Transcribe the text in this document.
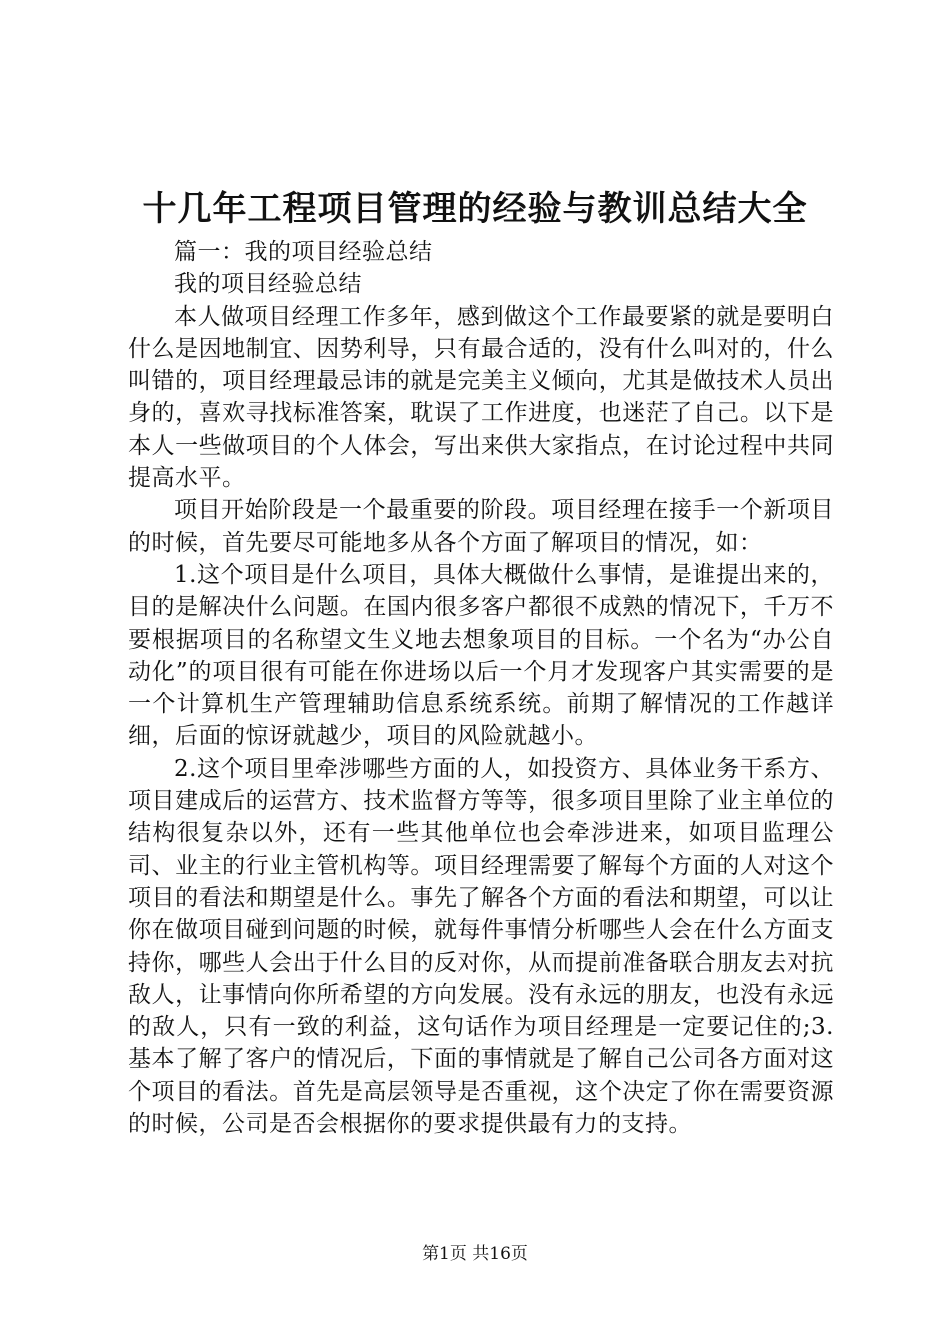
十几年工程项目管理的经验与教训总结大全

篇一：我的项目经验总结

我的项目经验总结

本人做项目经理工作多年，感到做这个工作最要紧的就是要明白什么是因地制宜、因势利导，只有最合适的，没有什么叫对的，什么叫错的，项目经理最忌讳的就是完美主义倾向，尤其是做技术人员出身的，喜欢寻找标准答案，耽误了工作进度，也迷茫了自己。以下是本人一些做项目的个人体会，写出来供大家指点，在讨论过程中共同提高水平。

项目开始阶段是一个最重要的阶段。项目经理在接手一个新项目的时候，首先要尽可能地多从各个方面了解项目的情况，如：

1.这个项目是什么项目，具体大概做什么事情，是谁提出来的，目的是解决什么问题。在国内很多客户都很不成熟的情况下，千万不要根据项目的名称望文生义地去想象项目的目标。一个名为“办公自动化”的项目很有可能在你进场以后一个月才发现客户其实需要的是一个计算机生产管理辅助信息系统系统。前期了解情况的工作越详细，后面的惊讶就越少，项目的风险就越小。

2.这个项目里牵涉哪些方面的人，如投资方、具体业务干系方、项目建成后的运营方、技术监督方等等，很多项目里除了业主单位的结构很复杂以外，还有一些其他单位也会牵涉进来，如项目监理公司、业主的行业主管机构等。项目经理需要了解每个方面的人对这个项目的看法和期望是什么。事先了解各个方面的看法和期望，可以让你在做项目碰到问题的时候，就每件事情分析哪些人会在什么方面支持你，哪些人会出于什么目的反对你，从而提前准备联合朋友去对抗敌人，让事情向你所希望的方向发展。没有永远的朋友，也没有永远的敌人，只有一致的利益，这句话作为项目经理是一定要记住的;3.基本了解了客户的情况后，下面的事情就是了解自己公司各方面对这个项目的看法。首先是高层领导是否重视，这个决定了你在需要资源的时候，公司是否会根据你的要求提供最有力的支持。

第1页 共16页
